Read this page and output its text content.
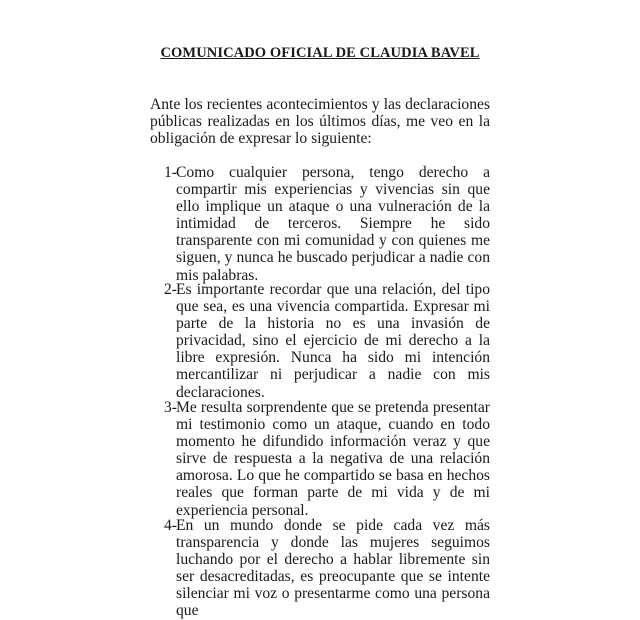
COMUNICADO OFICIAL DE CLAUDIA BAVEL
Ante los recientes acontecimientos y las declaraciones públicas realizadas en los últimos días, me veo en la obligación de expresar lo siguiente:
1- Como cualquier persona, tengo derecho a compartir mis experiencias y vivencias sin que ello implique un ataque o una vulneración de la intimidad de terceros. Siempre he sido transparente con mi comunidad y con quienes me siguen, y nunca he buscado perjudicar a nadie con mis palabras.
2- Es importante recordar que una relación, del tipo que sea, es una vivencia compartida. Expresar mi parte de la historia no es una invasión de privacidad, sino el ejercicio de mi derecho a la libre expresión. Nunca ha sido mi intención mercantilizar ni perjudicar a nadie con mis declaraciones.
3- Me resulta sorprendente que se pretenda presentar mi testimonio como un ataque, cuando en todo momento he difundido información veraz y que sirve de respuesta a la negativa de una relación amorosa. Lo que he compartido se basa en hechos reales que forman parte de mi vida y de mi experiencia personal.
4- En un mundo donde se pide cada vez más transparencia y donde las mujeres seguimos luchando por el derecho a hablar libremente sin ser desacreditadas, es preocupante que se intente silenciar mi voz o presentarme como una persona que
